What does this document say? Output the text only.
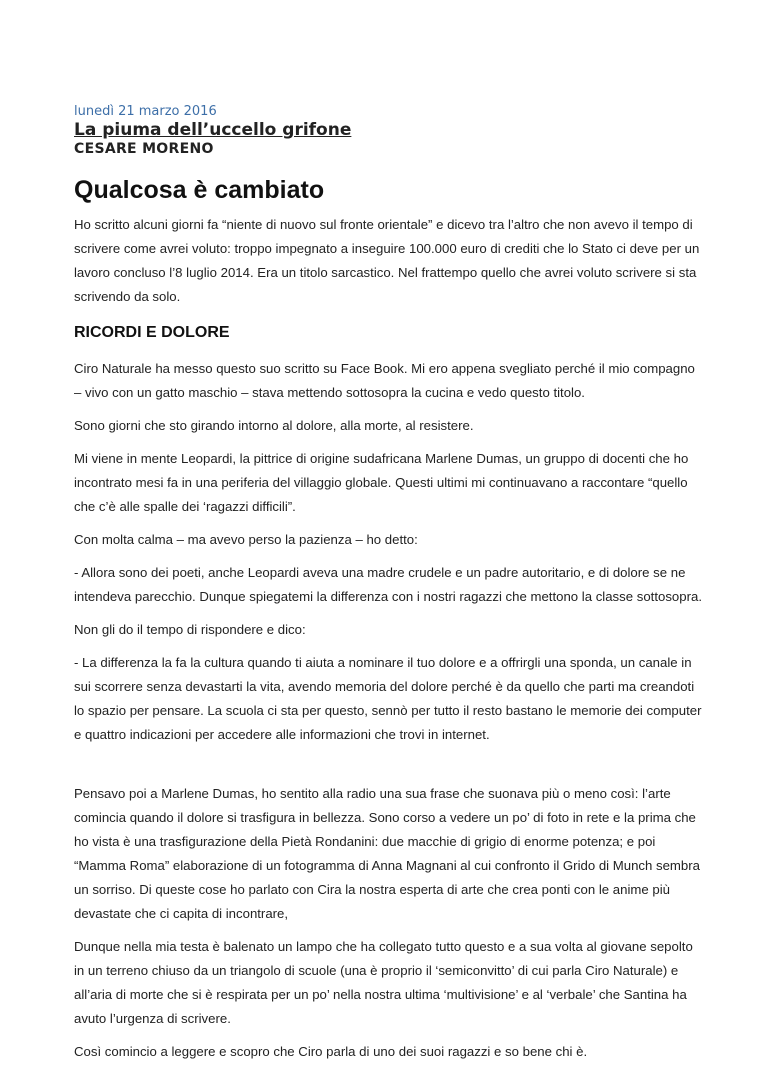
lunedì 21 marzo 2016

La piuma dell’uccello grifone

CESARE MORENO

Qualcosa è cambiato

Ho scritto alcuni giorni fa “niente di nuovo sul fronte orientale” e dicevo tra l’altro che non avevo il tempo di scrivere come avrei voluto: troppo impegnato a inseguire 100.000 euro di crediti che lo Stato ci deve per un lavoro concluso l’8 luglio 2014. Era un titolo sarcastico. Nel frattempo quello che avrei voluto scrivere si sta scrivendo da solo.

RICORDI E DOLORE

Ciro Naturale ha messo questo suo scritto su Face Book. Mi ero appena svegliato perché il mio compagno – vivo con un gatto maschio – stava mettendo sottosopra la cucina e vedo questo titolo.

Sono giorni che sto girando intorno al dolore, alla morte, al resistere.

Mi viene in mente Leopardi, la pittrice di origine sudafricana Marlene Dumas, un gruppo di docenti che ho incontrato mesi fa in una periferia del villaggio globale. Questi ultimi mi continuavano a raccontare “quello che c’è alle spalle dei ‘ragazzi difficili”.

Con molta calma – ma avevo perso la pazienza – ho detto:

- Allora sono dei poeti, anche Leopardi aveva una madre crudele e un padre autoritario, e di dolore se ne intendeva parecchio. Dunque spiegatemi la differenza con i nostri ragazzi che mettono la classe sottosopra.

Non gli do il tempo di rispondere e dico:

- La differenza la fa la cultura quando ti aiuta a nominare il tuo dolore e a offrirgli una sponda, un canale in sui scorrere senza devastarti la vita, avendo memoria del dolore perché è da quello che parti ma creandoti lo spazio per pensare. La scuola ci sta per questo, sennò per tutto il resto bastano le memorie dei computer e quattro indicazioni per accedere alle informazioni che trovi in internet.

Pensavo poi a Marlene Dumas, ho sentito alla radio una sua frase che suonava più o meno così: l’arte comincia quando il dolore si trasfigura in bellezza. Sono corso a vedere un po’ di foto in rete e la prima che ho vista è una trasfigurazione della Pietà Rondanini: due macchie di grigio di enorme potenza; e poi “Mamma Roma” elaborazione di un fotogramma di Anna Magnani al cui confronto il Grido di Munch sembra un sorriso. Di queste cose ho parlato con Cira la nostra esperta di arte che crea ponti con le anime più devastate che ci capita di incontrare,

Dunque nella mia testa è balenato un lampo che ha collegato tutto questo e a sua volta al giovane sepolto in un terreno chiuso da un triangolo di scuole (una è proprio il ‘semiconvitto’ di cui parla Ciro Naturale) e all’aria di morte che si è respirata per un po’ nella nostra ultima ‘multivisione’ e al ‘verbale’ che Santina ha avuto l’urgenza di scrivere.

Così comincio a leggere e scopro che Ciro parla di uno dei suoi ragazzi e so bene chi è.
